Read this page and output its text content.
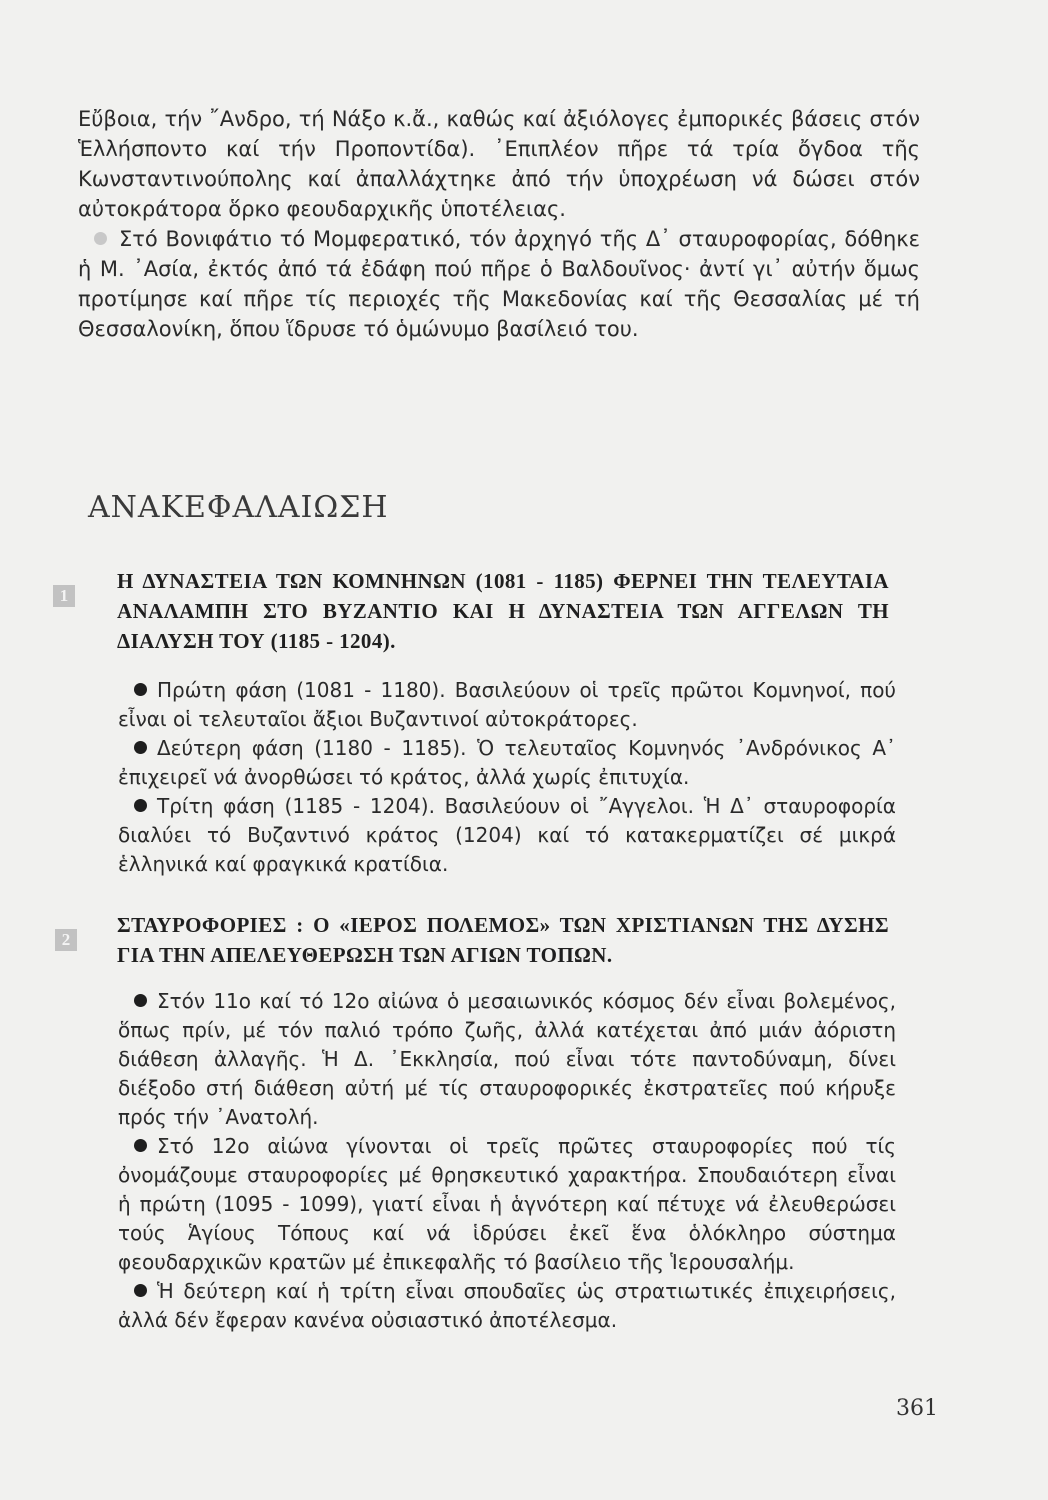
Εὔβοια, τήν ῎Ανδρο, τή Νάξο κ.ἄ., καθώς καί ἀξιόλογες ἐμπορικές βάσεις στόν Ἑλλήσποντο καί τήν Προποντίδα). ᾿Επιπλέον πῆρε τά τρία ὄγδοα τῆς Κωνσταντινούπολης καί ἀπαλλάχτηκε ἀπό τήν ὑποχρέωση νά δώσει στόν αὐτοκράτορα ὅρκο φεουδαρχικῆς ὑποτέλειας.

Στό Βονιφάτιο τό Μομφερατικό, τόν ἀρχηγό τῆς Δ᾽ σταυροφορίας, δόθηκε ἡ Μ. ᾿Ασία, ἐκτός ἀπό τά ἐδάφη πού πῆρε ὁ Βαλδουῖνος· ἀντί γι᾽ αὐτήν ὅμως προτίμησε καί πῆρε τίς περιοχές τῆς Μακεδονίας καί τῆς Θεσσαλίας μέ τή Θεσσαλονίκη, ὅπου ἵδρυσε τό ὁμώνυμο βασίλειό του.

ΑΝΑΚΕΦΑΛΑΙΩΣΗ
1
Η ΔΥΝΑΣΤΕΙΑ ΤΩΝ ΚΟΜΝΗΝΩΝ (1081 - 1185) ΦΕΡΝΕΙ ΤΗΝ ΤΕΛΕΥΤΑΙΑ ΑΝΑΛΑΜΠΗ ΣΤΟ ΒΥΖΑΝΤΙΟ ΚΑΙ Η ΔΥΝΑΣΤΕΙΑ ΤΩΝ ΑΓΓΕΛΩΝ ΤΗ ΔΙΑΛΥΣΗ ΤΟΥ (1185 - 1204).

Πρώτη φάση (1081 - 1180). Βασιλεύουν οἱ τρεῖς πρῶτοι Κομνηνοί, πού εἶναι οἱ τελευταῖοι ἄξιοι Βυζαντινοί αὐτοκράτορες.

Δεύτερη φάση (1180 - 1185). Ὁ τελευταῖος Κομνηνός ᾿Ανδρόνικος Α᾽ ἐπιχειρεῖ νά ἀνορθώσει τό κράτος, ἀλλά χωρίς ἐπιτυχία.

Τρίτη φάση (1185 - 1204). Βασιλεύουν οἱ ῎Αγγελοι. Ἡ Δ᾽ σταυροφορία διαλύει τό Βυζαντινό κράτος (1204) καί τό κατακερματίζει σέ μικρά ἑλληνικά καί φραγκικά κρατίδια.

2
ΣΤΑΥΡΟΦΟΡΙΕΣ : Ο «ΙΕΡΟΣ ΠΟΛΕΜΟΣ» ΤΩΝ ΧΡΙΣΤΙΑΝΩΝ ΤΗΣ ΔΥΣΗΣ ΓΙΑ ΤΗΝ ΑΠΕΛΕΥΘΕΡΩΣΗ ΤΩΝ ΑΓΙΩΝ ΤΟΠΩΝ.

Στόν 11ο καί τό 12ο αἰώνα ὁ μεσαιωνικός κόσμος δέν εἶναι βολεμένος, ὅπως πρίν, μέ τόν παλιό τρόπο ζωῆς, ἀλλά κατέχεται ἀπό μιάν ἀόριστη διάθεση ἀλλαγῆς. Ἡ Δ. ᾿Εκκλησία, πού εἶναι τότε παντοδύναμη, δίνει διέξοδο στή διάθεση αὐτή μέ τίς σταυροφορικές ἐκστρατεῖες πού κήρυξε πρός τήν ᾿Ανατολή.

Στό 12ο αἰώνα γίνονται οἱ τρεῖς πρῶτες σταυροφορίες πού τίς ὀνομάζουμε σταυροφορίες μέ θρησκευτικό χαρακτήρα. Σπουδαιότερη εἶναι ἡ πρώτη (1095 - 1099), γιατί εἶναι ἡ ἁγνότερη καί πέτυχε νά ἐλευθερώσει τούς Ἁγίους Τόπους καί νά ἱδρύσει ἐκεῖ ἕνα ὁλόκληρο σύστημα φεουδαρχικῶν κρατῶν μέ ἐπικεφαλῆς τό βασίλειο τῆς Ἱερουσαλήμ.

Ἡ δεύτερη καί ἡ τρίτη εἶναι σπουδαῖες ὡς στρατιωτικές ἐπιχειρήσεις, ἀλλά δέν ἔφεραν κανένα οὐσιαστικό ἀποτέλεσμα.

361
